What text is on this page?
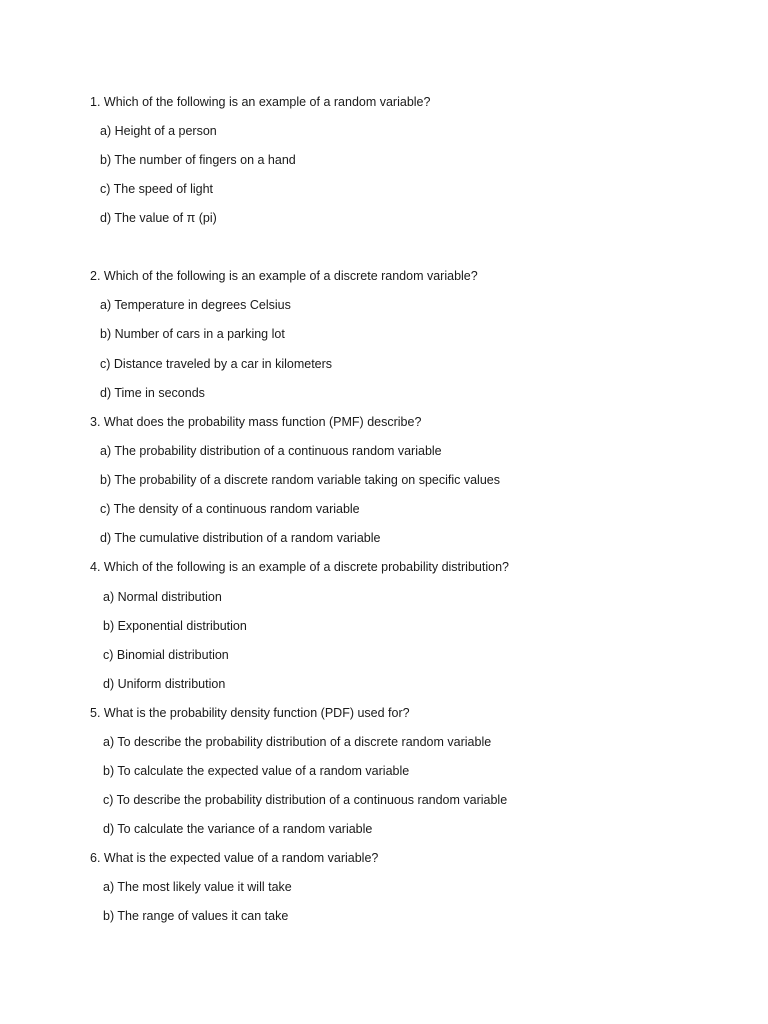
1. Which of the following is an example of a random variable?
a) Height of a person
b) The number of fingers on a hand
c) The speed of light
d) The value of π (pi)
2. Which of the following is an example of a discrete random variable?
a) Temperature in degrees Celsius
b) Number of cars in a parking lot
c) Distance traveled by a car in kilometers
d) Time in seconds
3. What does the probability mass function (PMF) describe?
a) The probability distribution of a continuous random variable
b) The probability of a discrete random variable taking on specific values
c) The density of a continuous random variable
d) The cumulative distribution of a random variable
4. Which of the following is an example of a discrete probability distribution?
a) Normal distribution
b) Exponential distribution
c) Binomial distribution
d) Uniform distribution
5. What is the probability density function (PDF) used for?
a) To describe the probability distribution of a discrete random variable
b) To calculate the expected value of a random variable
c) To describe the probability distribution of a continuous random variable
d) To calculate the variance of a random variable
6. What is the expected value of a random variable?
a) The most likely value it will take
b) The range of values it can take
